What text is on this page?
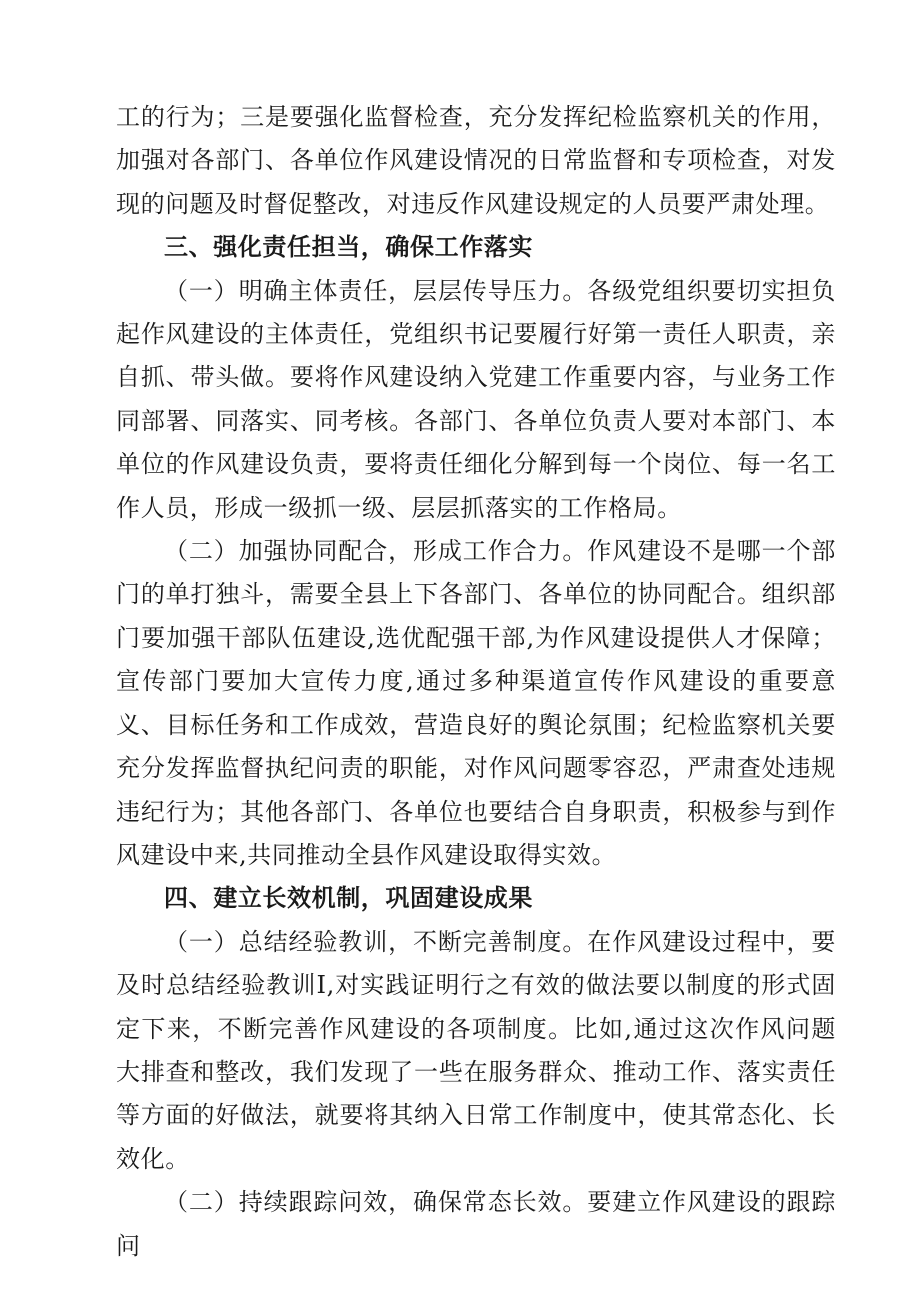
工的行为；三是要强化监督检查，充分发挥纪检监察机关的作用，加强对各部门、各单位作风建设情况的日常监督和专项检查，对发现的问题及时督促整改，对违反作风建设规定的人员要严肃处理。

三、强化责任担当，确保工作落实

（一）明确主体责任，层层传导压力。各级党组织要切实担负起作风建设的主体责任，党组织书记要履行好第一责任人职责，亲自抓、带头做。要将作风建设纳入党建工作重要内容，与业务工作同部署、同落实、同考核。各部门、各单位负责人要对本部门、本单位的作风建设负责，要将责任细化分解到每一个岗位、每一名工作人员，形成一级抓一级、层层抓落实的工作格局。

（二）加强协同配合，形成工作合力。作风建设不是哪一个部门的单打独斗，需要全县上下各部门、各单位的协同配合。组织部门要加强干部队伍建设,选优配强干部,为作风建设提供人才保障；宣传部门要加大宣传力度,通过多种渠道宣传作风建设的重要意义、目标任务和工作成效，营造良好的舆论氛围；纪检监察机关要充分发挥监督执纪问责的职能，对作风问题零容忍，严肃查处违规违纪行为；其他各部门、各单位也要结合自身职责，积极参与到作风建设中来,共同推动全县作风建设取得实效。

四、建立长效机制，巩固建设成果

（一）总结经验教训，不断完善制度。在作风建设过程中，要及时总结经验教训I,对实践证明行之有效的做法要以制度的形式固定下来，不断完善作风建设的各项制度。比如,通过这次作风问题大排查和整改，我们发现了一些在服务群众、推动工作、落实责任等方面的好做法，就要将其纳入日常工作制度中，使其常态化、长效化。

（二）持续跟踪问效，确保常态长效。要建立作风建设的跟踪问
